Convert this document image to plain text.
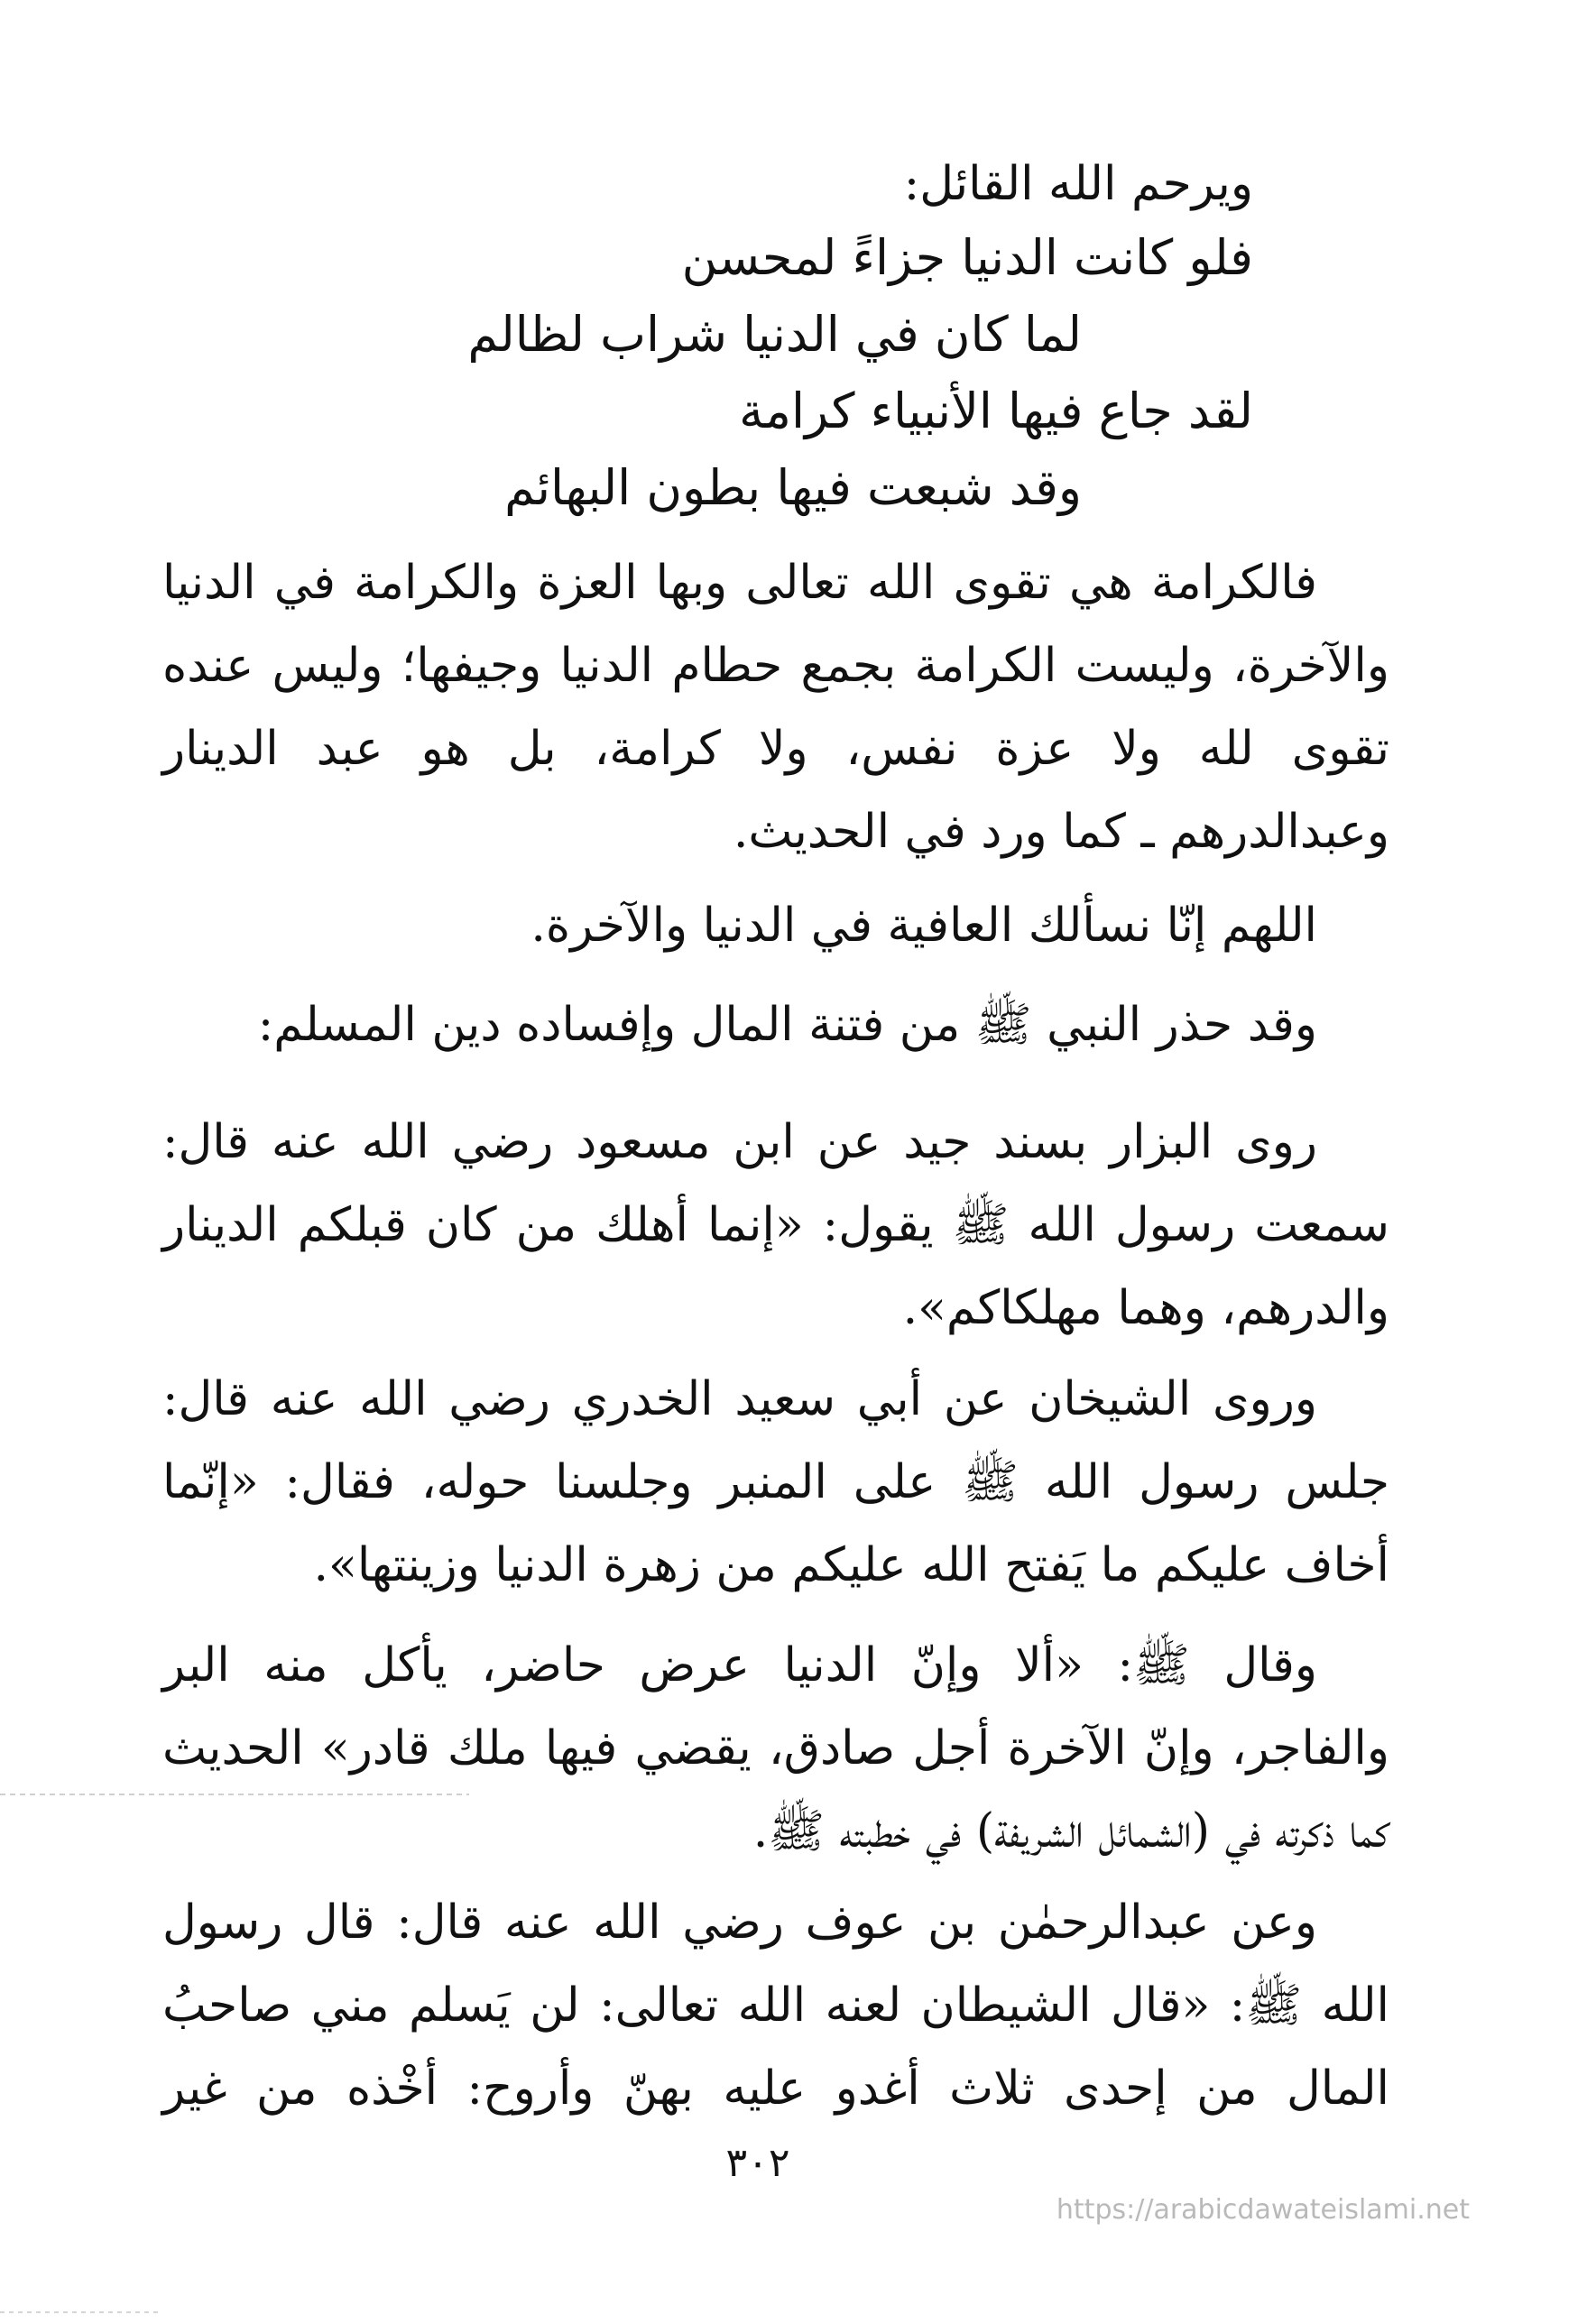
ويرحم الله القائل:
فلو كانت الدنيا جزاءً لمحسن
لما كان في الدنيا شراب لظالم
لقد جاع فيها الأنبياء كرامة
وقد شبعت فيها بطون البهائم
فالكرامة هي تقوى الله تعالى وبها العزة والكرامة في الدنيا
والآخرة، وليست الكرامة بجمع حطام الدنيا وجيفها؛ وليس عنده
تقوى لله ولا عزة نفس، ولا كرامة، بل هو عبد الدينار
وعبدالدرهم ـ كما ورد في الحديث.
اللهم إنّا نسألك العافية في الدنيا والآخرة.
وقد حذر النبي ﷺ من فتنة المال وإفساده دين المسلم:
روى البزار بسند جيد عن ابن مسعود رضي الله عنه قال:
سمعت رسول الله ﷺ يقول: «إنما أهلك من كان قبلكم الدينار
والدرهم، وهما مهلكاكم».
وروى الشيخان عن أبي سعيد الخدري رضي الله عنه قال:
جلس رسول الله ﷺ على المنبر وجلسنا حوله، فقال: «إنّما
أخاف عليكم ما يَفتح الله عليكم من زهرة الدنيا وزينتها».
وقال ﷺ: «ألا وإنّ الدنيا عرض حاضر، يأكل منه البر
والفاجر، وإنّ الآخرة أجل صادق، يقضي فيها ملك قادر» الحديث
كما ذكرته في (الشمائل الشريفة) في خطبته ﷺ.
وعن عبدالرحمٰن بن عوف رضي الله عنه قال: قال رسول
الله ﷺ: «قال الشيطان لعنه الله تعالى: لن يَسلم مني صاحبُ
المال من إحدى ثلاث أغدو عليه بهنّ وأروح: أخْذه من غير
٣٠٢
https://arabicdawateislami.net
